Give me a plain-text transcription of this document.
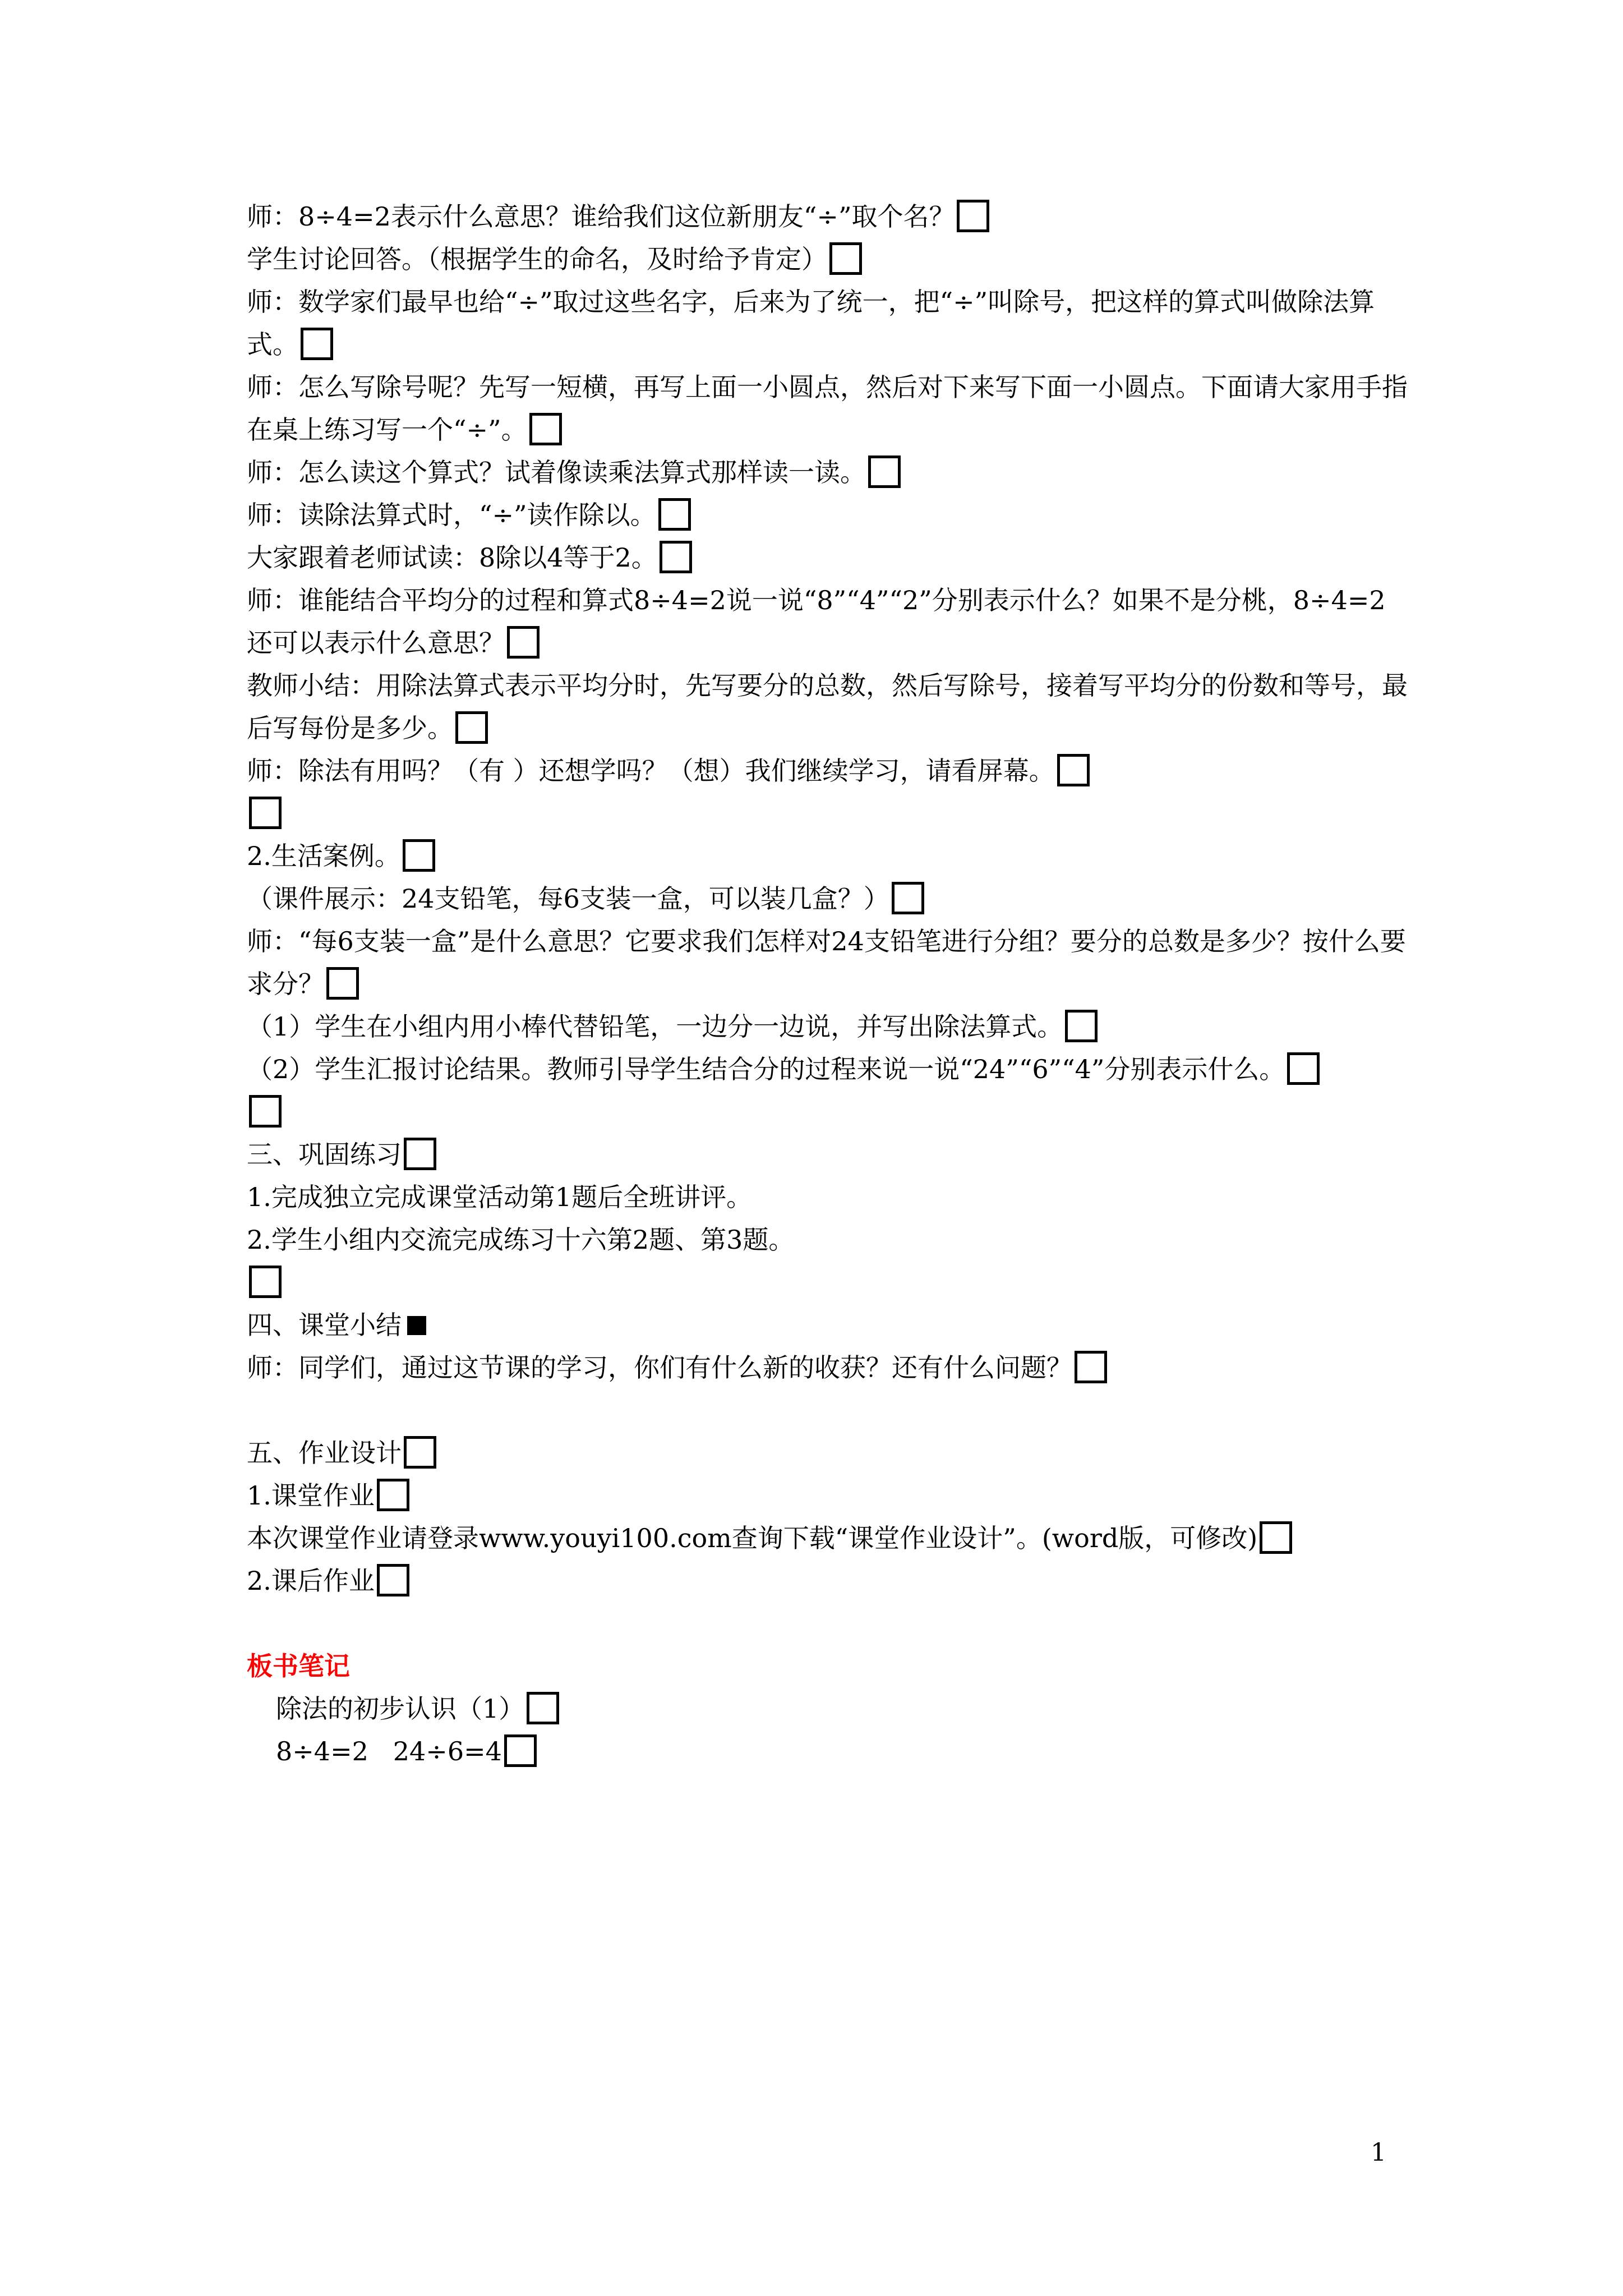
师：8÷4=2表示什么意思？谁给我们这位新朋友“÷”取个名？
学生讨论回答。（根据学生的命名，及时给予肯定）
师：数学家们最早也给“÷”取过这些名字，后来为了统一，把“÷”叫除号，把这样的算式叫做除法算式。
师：怎么写除号呢？先写一短横，再写上面一小圆点，然后对下来写下面一小圆点。下面请大家用手指在桌上练习写一个“÷”。
师：怎么读这个算式？试着像读乘法算式那样读一读。
师：读除法算式时，“÷”读作除以。
大家跟着老师试读：8除以4等于2。
师：谁能结合平均分的过程和算式8÷4=2说一说“8”“4”“2”分别表示什么？如果不是分桃，8÷4=2还可以表示什么意思？
教师小结：用除法算式表示平均分时，先写要分的总数，然后写除号，接着写平均分的份数和等号，最后写每份是多少。
师：除法有用吗？（有 ）还想学吗？（想）我们继续学习，请看屏幕。
2.生活案例。
（课件展示：24支铅笔，每6支装一盒，可以装几盒？）
师：“每6支装一盒”是什么意思？它要求我们怎样对24支铅笔进行分组？要分的总数是多少？按什么要求分？
（1）学生在小组内用小棒代替铅笔，一边分一边说，并写出除法算式。
（2）学生汇报讨论结果。教师引导学生结合分的过程来说一说“24”“6”“4”分别表示什么。
三、巩固练习
1.完成独立完成课堂活动第1题后全班讲评。
2.学生小组内交流完成练习十六第2题、第3题。
四、课堂小结
师：同学们，通过这节课的学习，你们有什么新的收获？还有什么问题？
五、作业设计
1.课堂作业
本次课堂作业请登录www.youyi100.com查询下载“课堂作业设计”。(word版，可修改)
2.课后作业
板书笔记
除法的初步认识（1）
8÷4=2   24÷6=4
1
